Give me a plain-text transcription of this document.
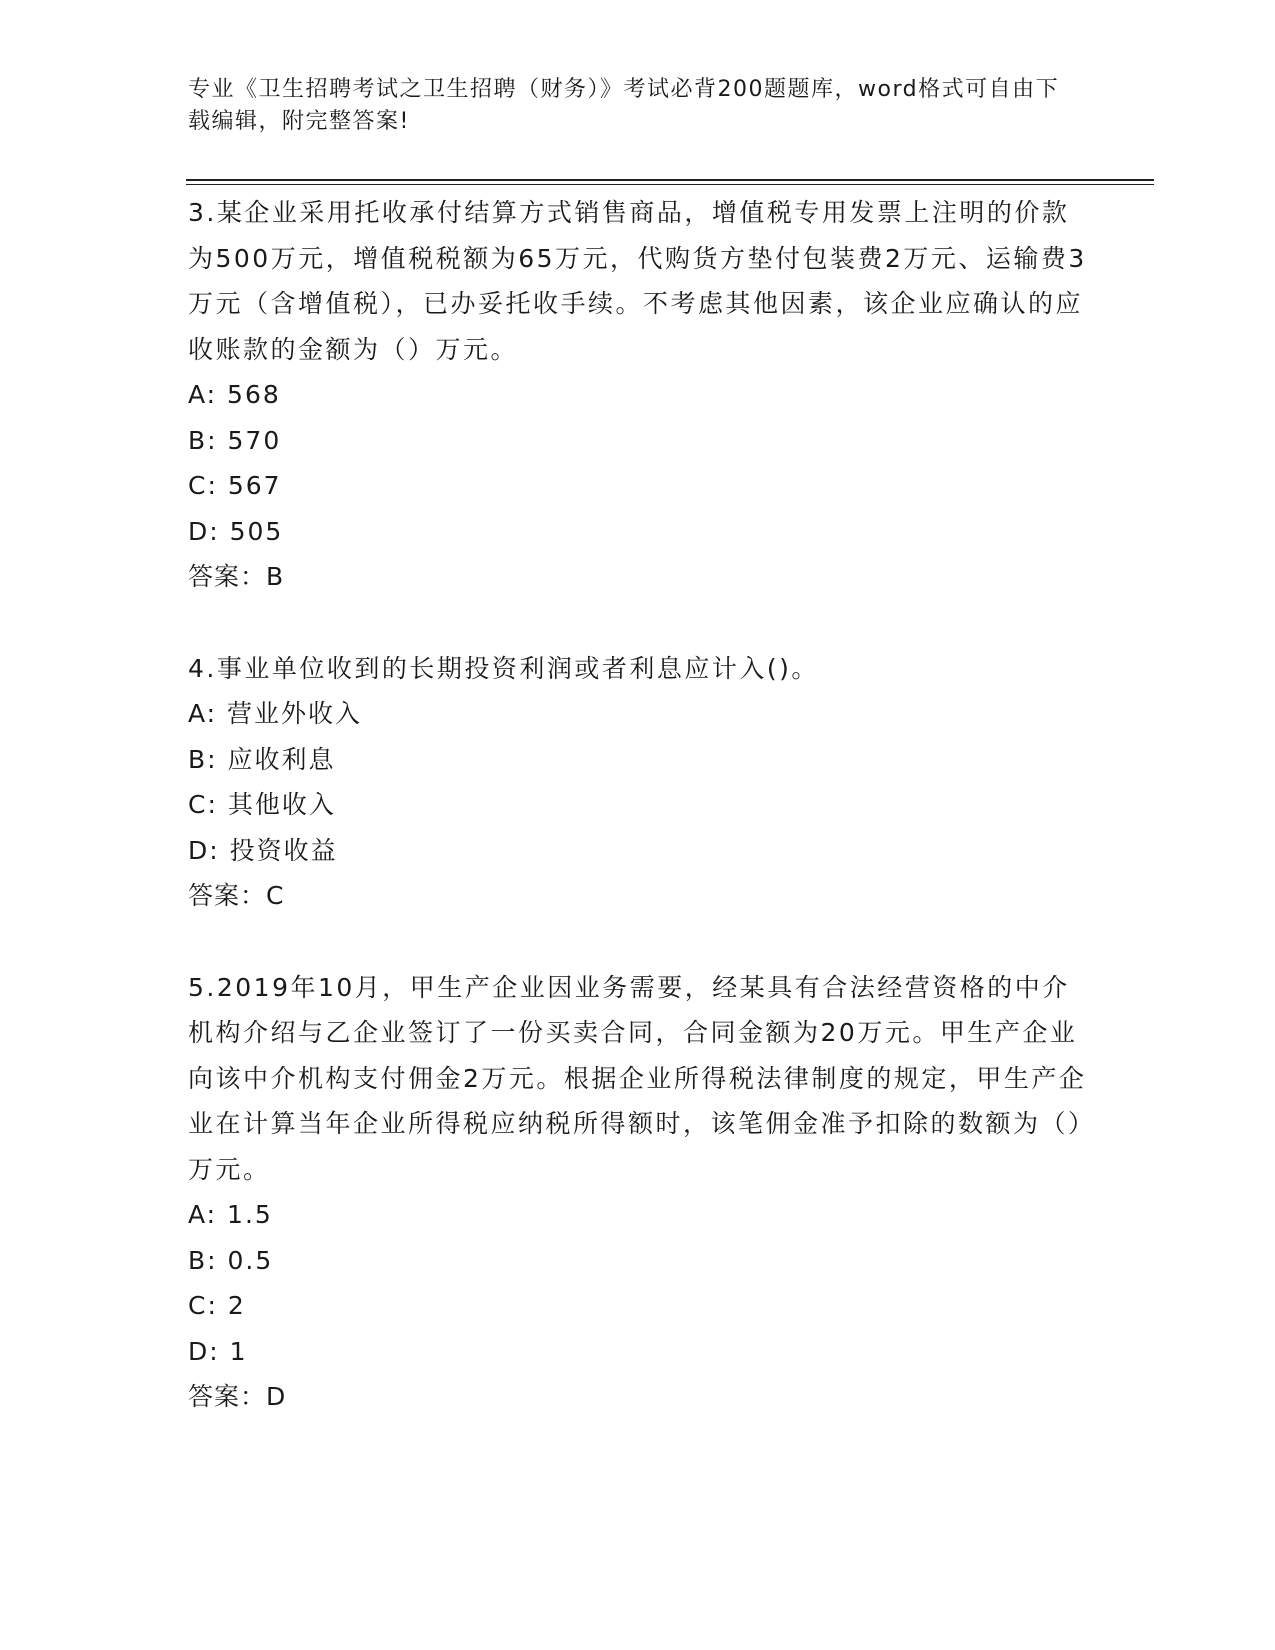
专业《卫生招聘考试之卫生招聘（财务）》考试必背200题题库，word格式可自由下载编辑，附完整答案!
3.某企业采用托收承付结算方式销售商品，增值税专用发票上注明的价款为500万元，增值税税额为65万元，代购货方垫付包装费2万元、运输费3万元（含增值税），已办妥托收手续。不考虑其他因素，该企业应确认的应收账款的金额为（）万元。
A: 568
B: 570
C: 567
D: 505
答案：B
4.事业单位收到的长期投资利润或者利息应计入()。
A: 营业外收入
B: 应收利息
C: 其他收入
D: 投资收益
答案：C
5.2019年10月，甲生产企业因业务需要，经某具有合法经营资格的中介机构介绍与乙企业签订了一份买卖合同，合同金额为20万元。甲生产企业向该中介机构支付佣金2万元。根据企业所得税法律制度的规定，甲生产企业在计算当年企业所得税应纳税所得额时，该笔佣金准予扣除的数额为（）万元。
A: 1.5
B: 0.5
C: 2
D: 1
答案：D
